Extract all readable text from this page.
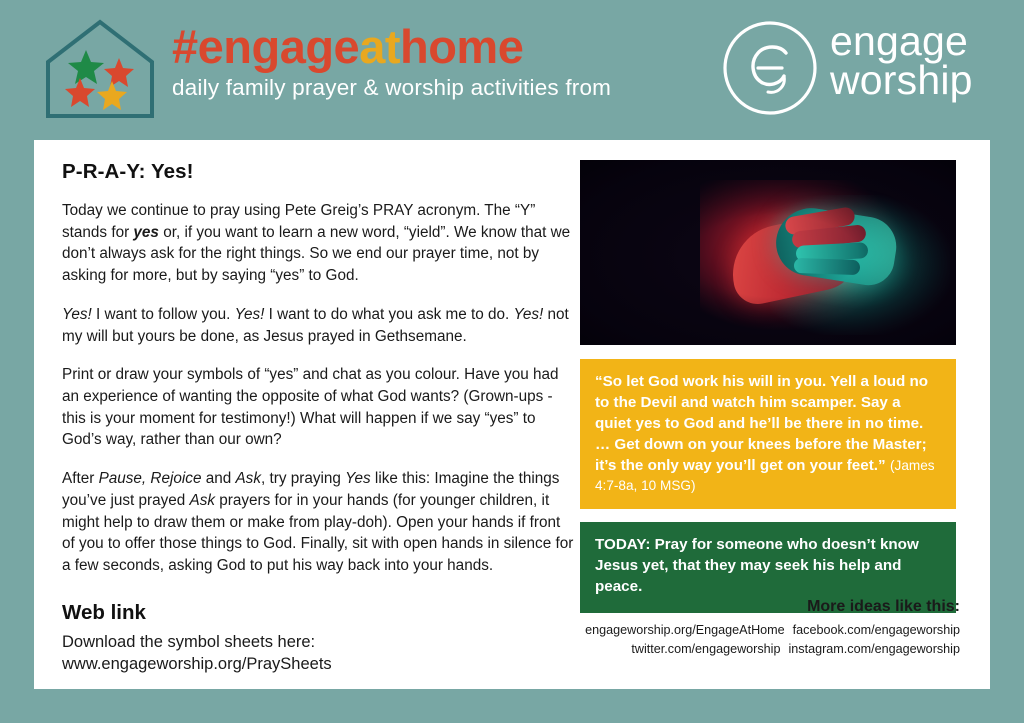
#engageathome
daily family prayer & worship activities from
engage
worship
P-R-A-Y: Yes!

Today we continue to pray using Pete Greig’s PRAY acronym. The “Y” stands for yes or, if you want to learn a new word, “yield”. We know that we don’t always ask for the right things. So we end our prayer time, not by asking for more, but by saying “yes” to God.

Yes! I want to follow you. Yes! I want to do what you ask me to do. Yes! not my will but yours be done, as Jesus prayed in Gethsemane.

Print or draw your symbols of “yes” and chat as you colour. Have you had an experience of wanting the opposite of what God wants? (Grown-ups - this is your moment for testimony!) What will happen if we say “yes” to God’s way, rather than our own?

After Pause, Rejoice and Ask, try praying Yes like this: Imagine the things you’ve just prayed Ask prayers for in your hands (for younger children, it might help to draw them or make from play-doh). Open your hands if front of you to offer those things to God. Finally, sit with open hands in silence for a few seconds, asking God to put his way back into your hands.

Web link
Download the symbol sheets here:
www.engageworship.org/PraySheets
“So let God work his will in you. Yell a loud no to the Devil and watch him scamper. Say a quiet yes to God and he’ll be there in no time. … Get down on your knees before the Master; it’s the only way you’ll get on your feet.” (James 4:7-8a, 10 MSG)
TODAY: Pray for someone who doesn’t know Jesus yet, that they may seek his help and peace.
More ideas like this:
engageworship.org/EngageAtHome facebook.com/engageworship
twitter.com/engageworship instagram.com/engageworship
